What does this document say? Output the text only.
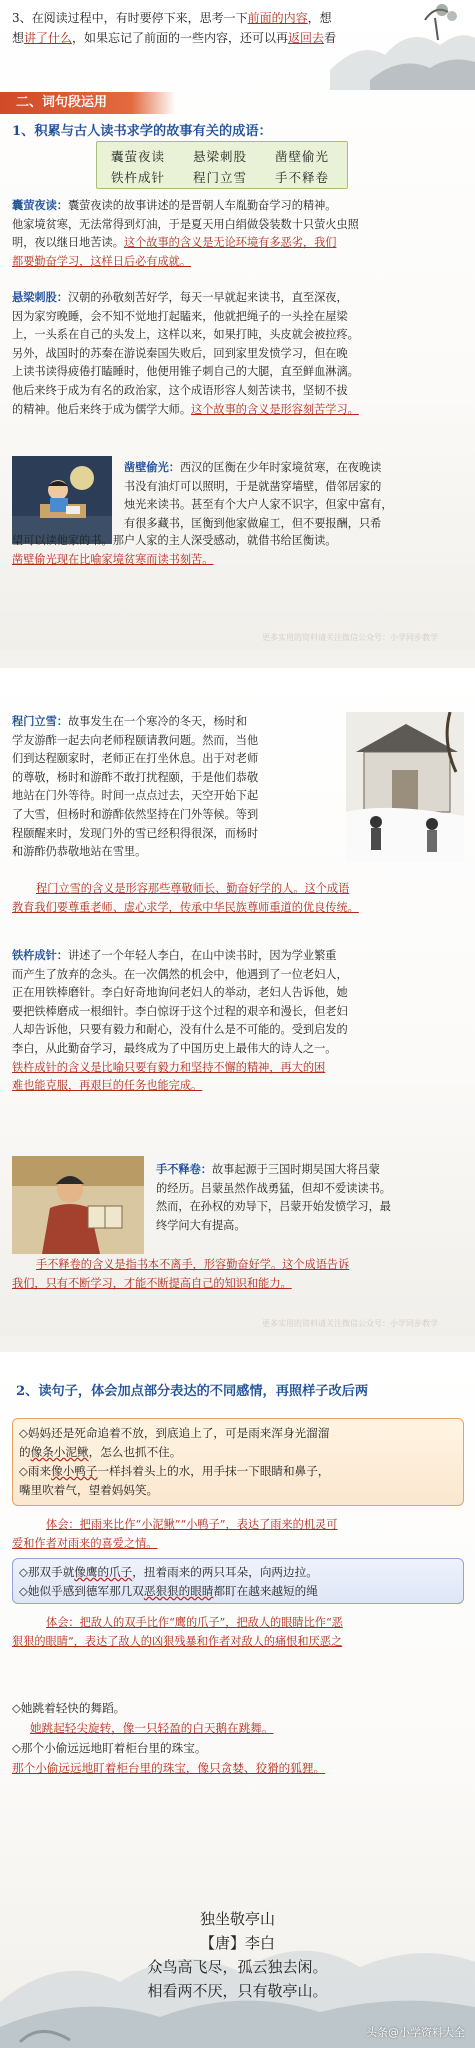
3、在阅读过程中，有时要停下来，思考一下前面的内容，想
想讲了什么，如果忘记了前面的一些内容，还可以再返回去看
二、词句段运用
1、积累与古人读书求学的故事有关的成语：
囊萤夜读 悬梁刺股 凿壁偷光
铁杵成针 程门立雪 手不释卷
囊萤夜读：囊萤夜读的故事讲述的是晋朝人车胤勤奋学习的精神。
他家境贫寒，无法常得到灯油，于是夏天用白绢做袋装数十只萤火虫照
明，夜以继日地苦读。这个故事的含义是无论环境有多恶劣，我们
都要勤奋学习，这样日后必有成就。
悬梁刺股：汉朝的孙敬刻苦好学，每天一早就起来读书，直至深夜，
因为家穷晚睡，会不知不觉地打起瞌来，他就把绳子的一头拴在屋梁
上，一头系在自己的头发上，这样以来，如果打盹，头皮就会被拉疼。
另外，战国时的苏秦在游说秦国失败后，回到家里发愤学习，但在晚
上读书读得疲倦打瞌睡时，他便用锥子刺自己的大腿，直至鲜血淋漓。
他后来终于成为有名的政治家，这个成语形容人刻苦读书，坚韧不拔
的精神。他后来终于成为儒学大师。这个故事的含义是形容刻苦学习。
凿壁偷光：西汉的匡衡在少年时家境贫寒，在夜晚读
书没有油灯可以照明，于是就凿穿墙壁，借邻居家的
烛光来读书。甚至有个大户人家不识字，但家中富有，
有很多藏书，匡衡到他家做雇工，但不要报酬，只希
望可以读他家的书。那户人家的主人深受感动，就借书给匡衡读。
凿壁偷光现在比喻家境贫寒而读书刻苦。
更多实用的资料请关注微信公众号：小学同步教学
程门立雪：故事发生在一个寒冷的冬天，杨时和
学友游酢一起去向老师程颐请教问题。然而，当他
们到达程颐家时，老师正在打坐休息。出于对老师
的尊敬，杨时和游酢不敢打扰程颐，于是他们恭敬
地站在门外等待。时间一点点过去，天空开始下起
了大雪，但杨时和游酢依然坚持在门外等候。等到
程颐醒来时，发现门外的雪已经积得很深，而杨时
和游酢仍恭敬地站在雪里。
程门立雪的含义是形容那些尊敬师长、勤奋好学的人。这个成语
教育我们要尊重老师、虚心求学，传承中华民族尊师重道的优良传统。
铁杵成针：讲述了一个年轻人李白，在山中读书时，因为学业繁重
而产生了放弃的念头。在一次偶然的机会中，他遇到了一位老妇人，
正在用铁棒磨针。李白好奇地询问老妇人的举动，老妇人告诉他，她
要把铁棒磨成一根细针。李白惊讶于这个过程的艰辛和漫长，但老妇
人却告诉他，只要有毅力和耐心，没有什么是不可能的。受到启发的
李白，从此勤奋学习，最终成为了中国历史上最伟大的诗人之一。
铁杵成针的含义是比喻只要有毅力和坚持不懈的精神，再大的困
难也能克服，再艰巨的任务也能完成。
手不释卷：故事起源于三国时期吴国大将吕蒙
的经历。吕蒙虽然作战勇猛，但却不爱读读书。
然而，在孙权的劝导下，吕蒙开始发愤学习，最
终学问大有提高。
手不释卷的含义是指书本不离手，形容勤奋好学。这个成语告诉
我们，只有不断学习，才能不断提高自己的知识和能力。
更多实用的资料请关注微信公众号：小学同步教学
2、读句子，体会加点部分表达的不同感情，再照样子改后两
◇妈妈还是死命追着不放，到底追上了，可是雨来浑身光溜溜
的像条小泥鳅，怎么也抓不住。
◇雨来像小鸭子一样抖着头上的水，用手抹一下眼睛和鼻子，
嘴里吹着气，望着妈妈笑。
体会：把雨来比作“小泥鳅”“小鸭子”，表达了雨来的机灵可
爱和作者对雨来的喜爱之情。
◇那双手就像鹰的爪子，扭着雨来的两只耳朵，向两边拉。
◇她似乎感到德军那几双恶狠狠的眼睛都盯在越来越短的绳
体会：把敌人的双手比作“鹰的爪子”，把敌人的眼睛比作“恶
狠狠的眼睛”，表达了敌人的凶狠残暴和作者对敌人的痛恨和厌恶之
◇她跳着轻快的舞蹈。
她跳起轻尖旋转，像一只轻盈的白天鹅在跳舞。
◇那个小偷远远地盯着柜台里的珠宝。
那个小偷远远地盯着柜台里的珠宝，像只贪婪、狡猾的狐狸。
独坐敬亭山
【唐】李白
众鸟高飞尽，孤云独去闲。
相看两不厌，只有敬亭山。
头条@小学资料大全
